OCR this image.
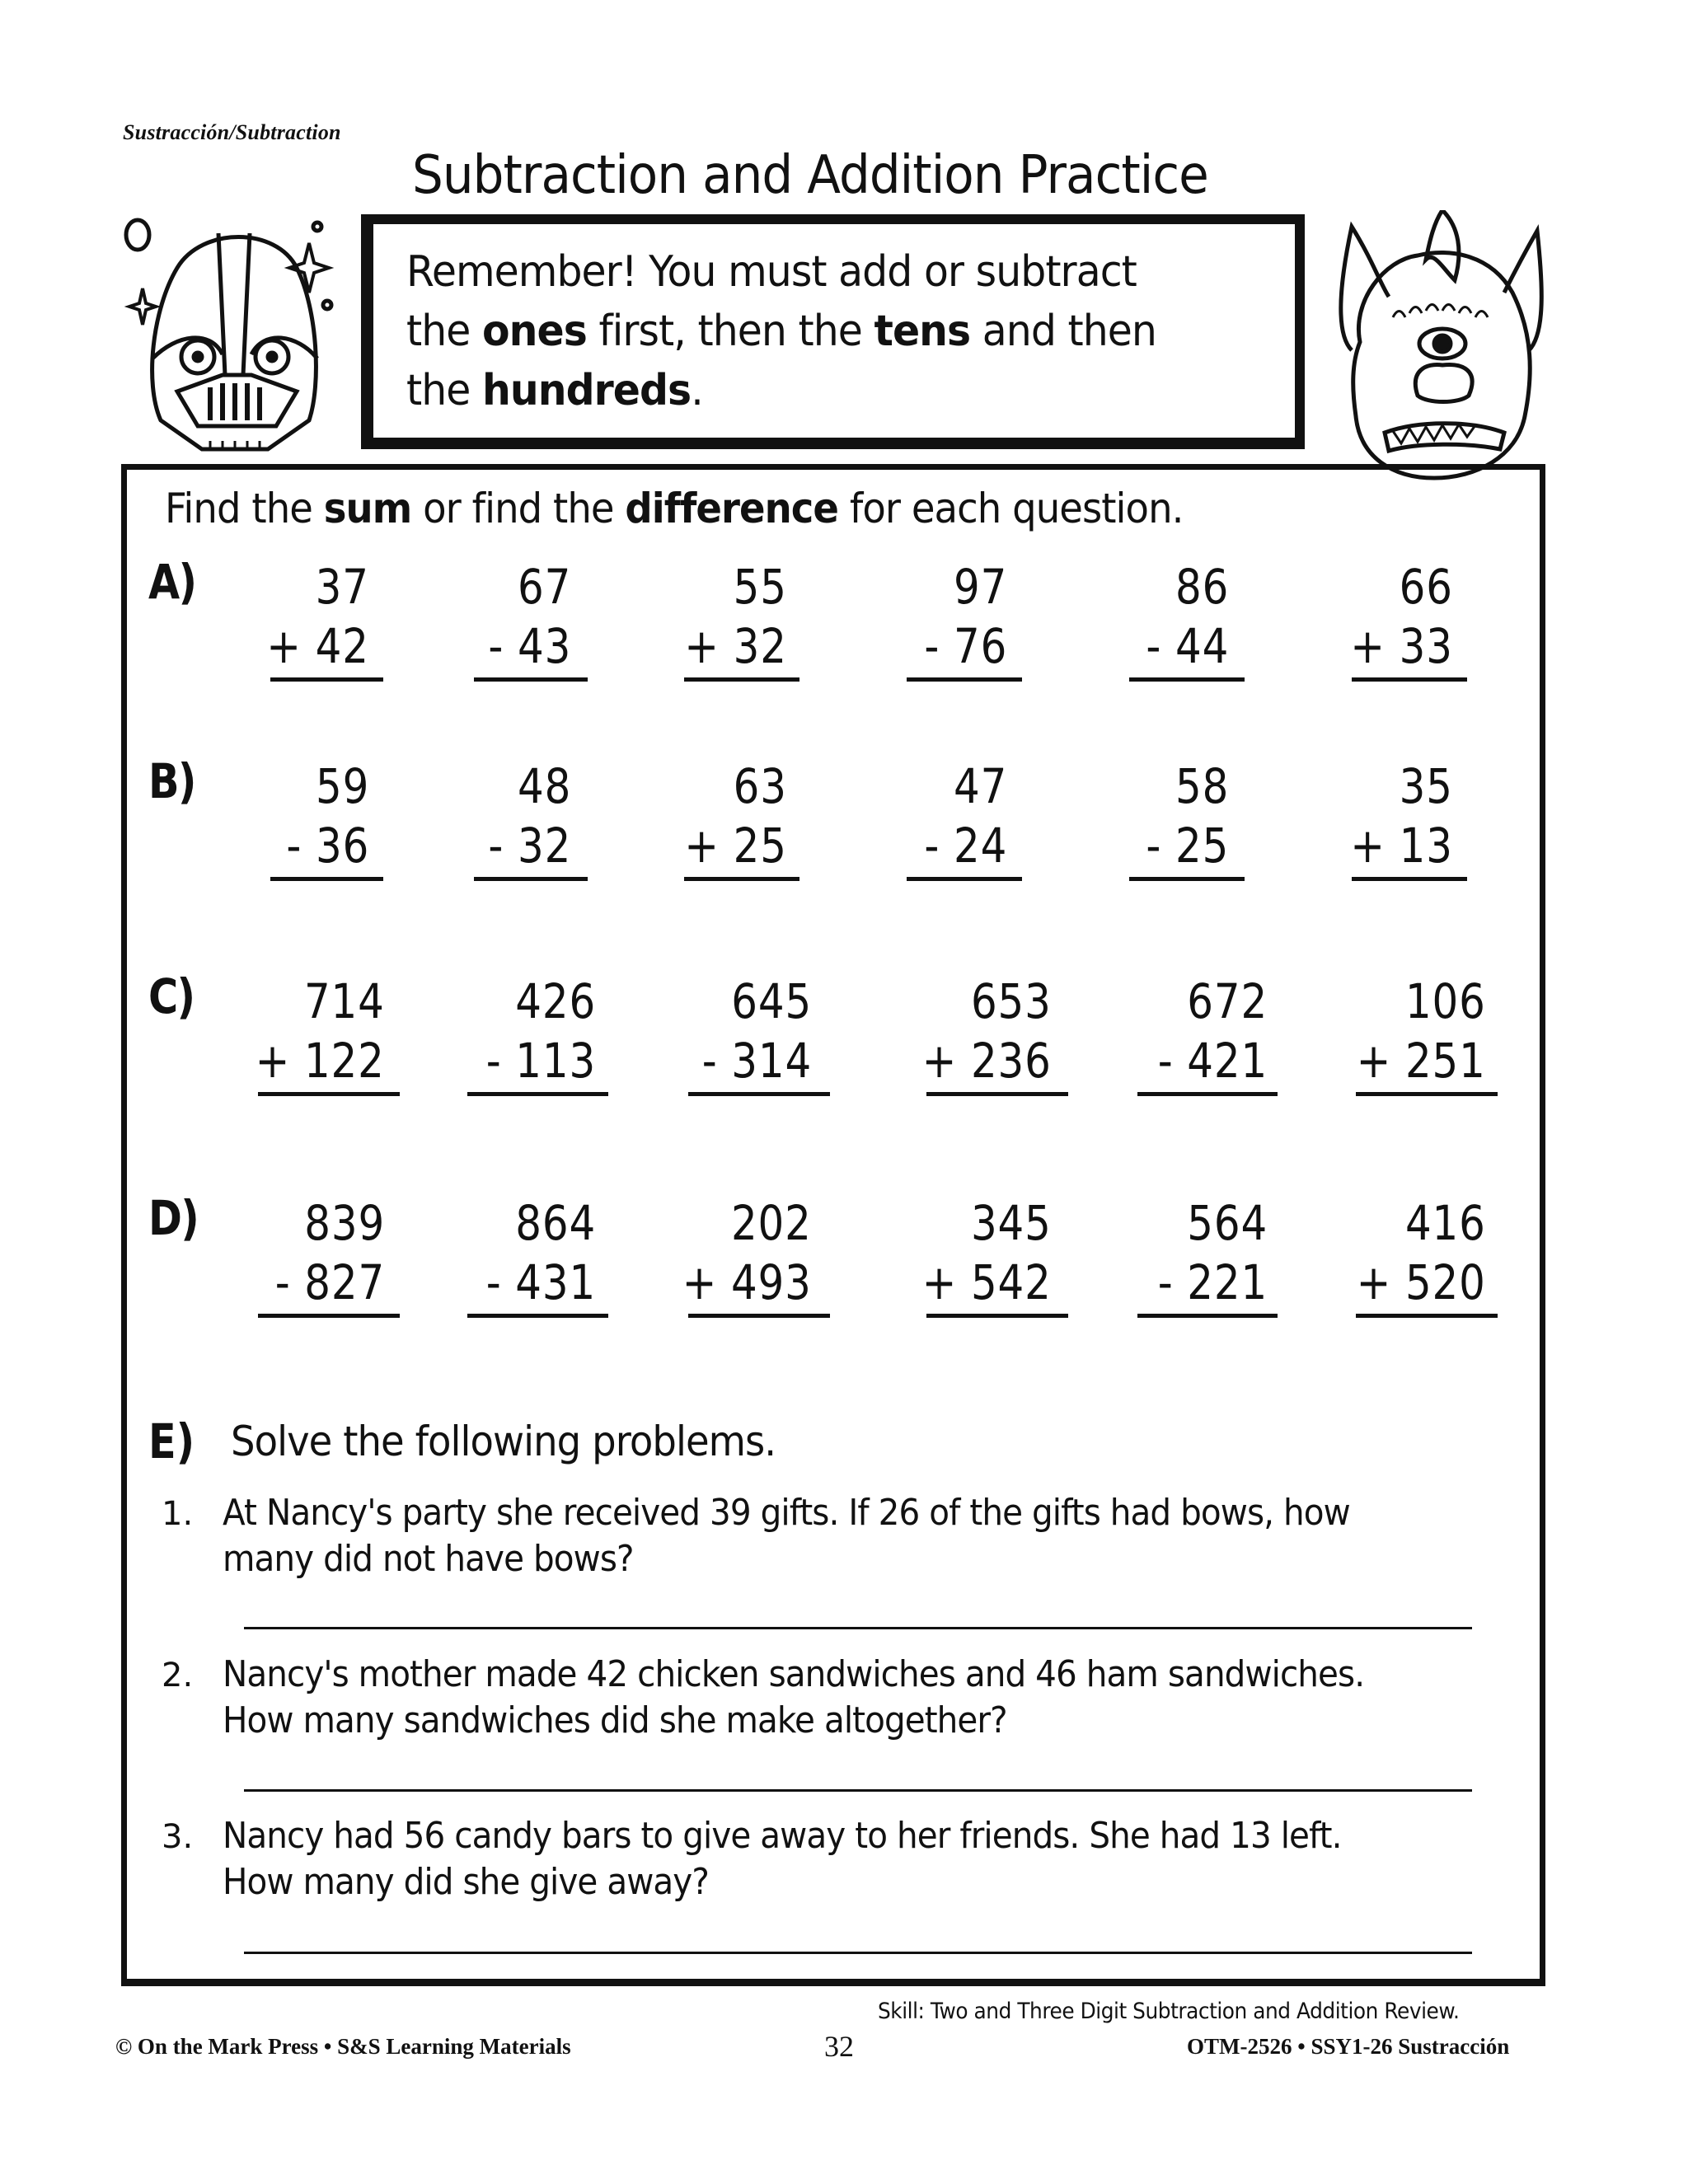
Sustracción/Subtraction
Subtraction and Addition Practice
Remember! You must add or subtract
the ones first, then the tens and then
the hundreds.
Find the sum or find the difference for each question.
A)	37
+ 42
67
- 43
55
+ 32
97
- 76
86
- 44
66
+ 33
B)	59
- 36
48
- 32
63
+ 25
47
- 24
58
- 25
35
+ 13
C)	714
+ 122
426
- 113
645
- 314
653
+ 236
672
- 421
106
+ 251
D)	839
- 827
864
- 431
202
+ 493
345
+ 542
564
- 221
416
+ 520
E) Solve the following problems.
1. At Nancy's party she received 39 gifts. If 26 of the gifts had bows, how
many did not have bows?
2. Nancy's mother made 42 chicken sandwiches and 46 ham sandwiches.
How many sandwiches did she make altogether?
3. Nancy had 56 candy bars to give away to her friends. She had 13 left.
How many did she give away?
Skill: Two and Three Digit Subtraction and Addition Review.
© On the Mark Press • S&S Learning Materials	32	OTM-2526 • SSY1-26 Sustracción
